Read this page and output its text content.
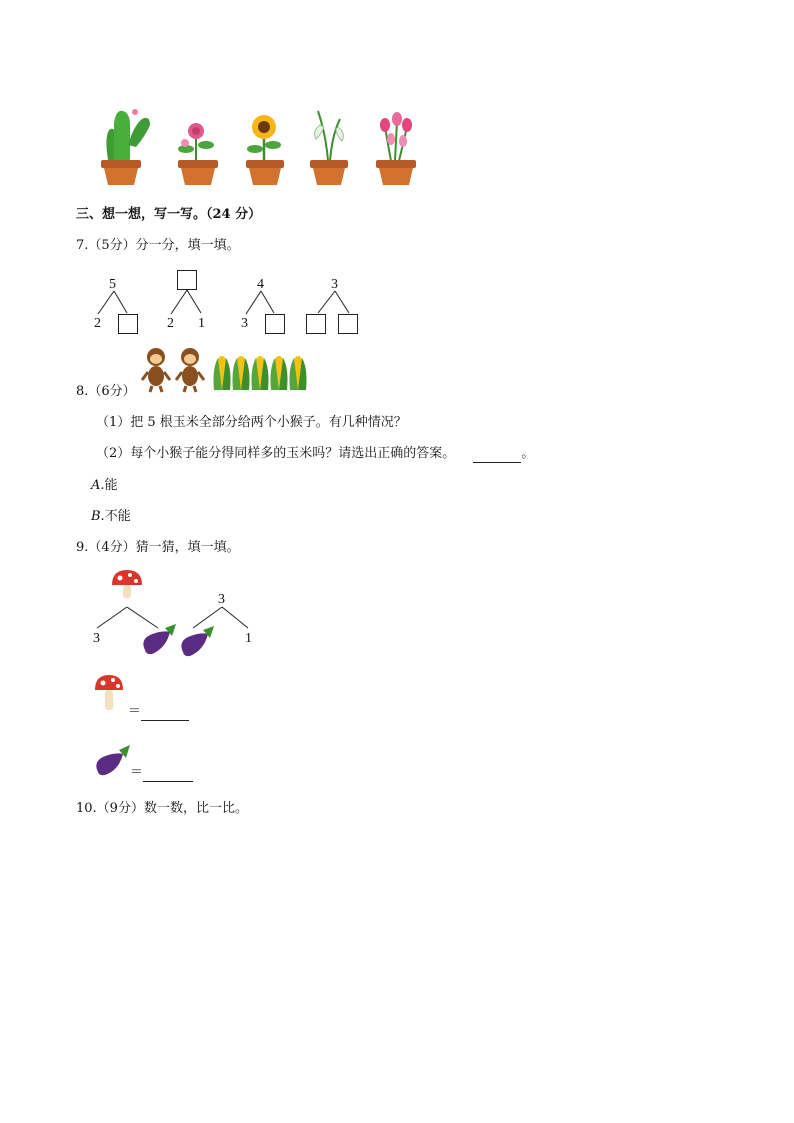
三、想一想，写一写。（24 分）
7.（5分）分一分，填一填。
5
2	2 1
4
3
3
8.（6分）
（1）把 5 根玉米全部分给两个小猴子。有几种情况？
（2）每个小猴子能分得同样多的玉米吗？请选出正确的答案。	。
A.能
B.不能
9.（4分）猜一猜，填一填。
3
3
1
＝
＝
10.（9分）数一数，比一比。
